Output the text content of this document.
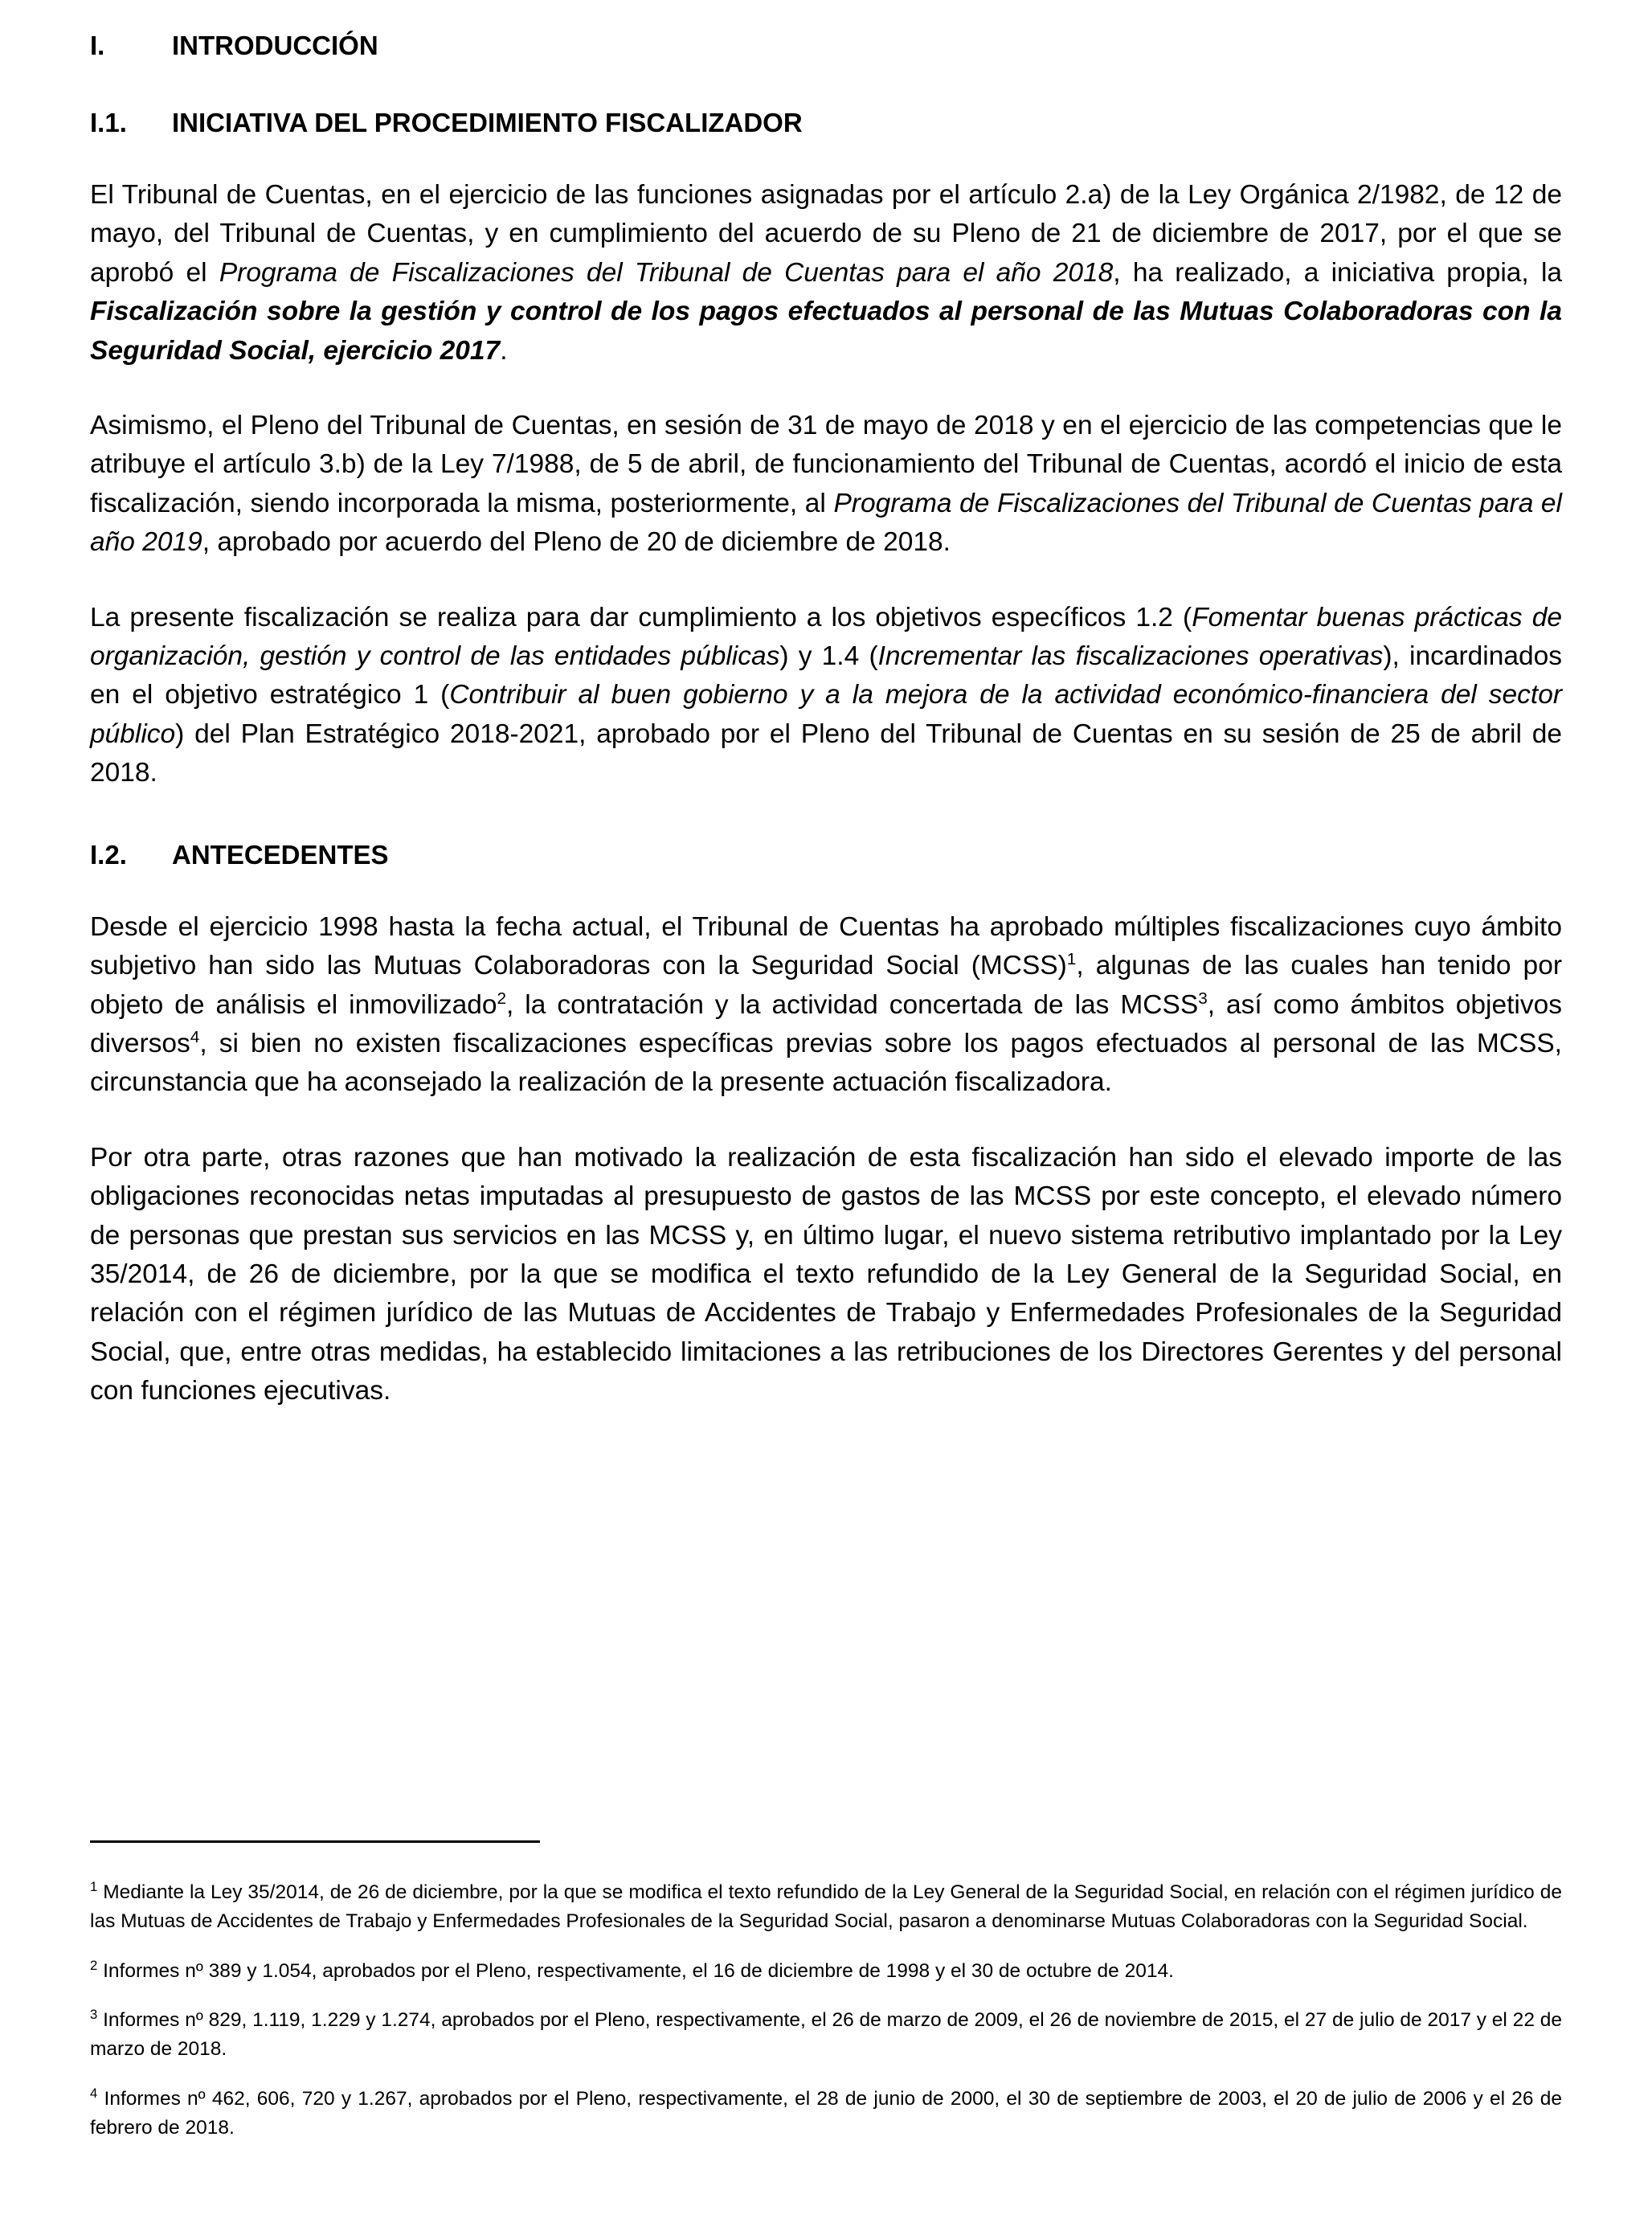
I.	INTRODUCCIÓN
I.1.	INICIATIVA DEL PROCEDIMIENTO FISCALIZADOR

El Tribunal de Cuentas, en el ejercicio de las funciones asignadas por el artículo 2.a) de la Ley Orgánica 2/1982, de 12 de mayo, del Tribunal de Cuentas, y en cumplimiento del acuerdo de su Pleno de 21 de diciembre de 2017, por el que se aprobó el Programa de Fiscalizaciones del Tribunal de Cuentas para el año 2018, ha realizado, a iniciativa propia, la Fiscalización sobre la gestión y control de los pagos efectuados al personal de las Mutuas Colaboradoras con la Seguridad Social, ejercicio 2017.

Asimismo, el Pleno del Tribunal de Cuentas, en sesión de 31 de mayo de 2018 y en el ejercicio de las competencias que le atribuye el artículo 3.b) de la Ley 7/1988, de 5 de abril, de funcionamiento del Tribunal de Cuentas, acordó el inicio de esta fiscalización, siendo incorporada la misma, posteriormente, al Programa de Fiscalizaciones del Tribunal de Cuentas para el año 2019, aprobado por acuerdo del Pleno de 20 de diciembre de 2018.

La presente fiscalización se realiza para dar cumplimiento a los objetivos específicos 1.2 (Fomentar buenas prácticas de organización, gestión y control de las entidades públicas) y 1.4 (Incrementar las fiscalizaciones operativas), incardinados en el objetivo estratégico 1 (Contribuir al buen gobierno y a la mejora de la actividad económico-financiera del sector público) del Plan Estratégico 2018-2021, aprobado por el Pleno del Tribunal de Cuentas en su sesión de 25 de abril de 2018.

I.2.	ANTECEDENTES

Desde el ejercicio 1998 hasta la fecha actual, el Tribunal de Cuentas ha aprobado múltiples fiscalizaciones cuyo ámbito subjetivo han sido las Mutuas Colaboradoras con la Seguridad Social (MCSS)$^1$, algunas de las cuales han tenido por objeto de análisis el inmovilizado$^2$, la contratación y la actividad concertada de las MCSS$^3$, así como ámbitos objetivos diversos$^4$, si bien no existen fiscalizaciones específicas previas sobre los pagos efectuados al personal de las MCSS, circunstancia que ha aconsejado la realización de la presente actuación fiscalizadora.

Por otra parte, otras razones que han motivado la realización de esta fiscalización han sido el elevado importe de las obligaciones reconocidas netas imputadas al presupuesto de gastos de las MCSS por este concepto, el elevado número de personas que prestan sus servicios en las MCSS y, en último lugar, el nuevo sistema retributivo implantado por la Ley 35/2014, de 26 de diciembre, por la que se modifica el texto refundido de la Ley General de la Seguridad Social, en relación con el régimen jurídico de las Mutuas de Accidentes de Trabajo y Enfermedades Profesionales de la Seguridad Social, que, entre otras medidas, ha establecido limitaciones a las retribuciones de los Directores Gerentes y del personal con funciones ejecutivas.

$^1$ Mediante la Ley 35/2014, de 26 de diciembre, por la que se modifica el texto refundido de la Ley General de la Seguridad Social, en relación con el régimen jurídico de las Mutuas de Accidentes de Trabajo y Enfermedades Profesionales de la Seguridad Social, pasaron a denominarse Mutuas Colaboradoras con la Seguridad Social.

$^2$ Informes nº 389 y 1.054, aprobados por el Pleno, respectivamente, el 16 de diciembre de 1998 y el 30 de octubre de 2014.

$^3$ Informes nº 829, 1.119, 1.229 y 1.274, aprobados por el Pleno, respectivamente, el 26 de marzo de 2009, el 26 de noviembre de 2015, el 27 de julio de 2017 y el 22 de marzo de 2018.

$^4$ Informes nº 462, 606, 720 y 1.267, aprobados por el Pleno, respectivamente, el 28 de junio de 2000, el 30 de septiembre de 2003, el 20 de julio de 2006 y el 26 de febrero de 2018.
